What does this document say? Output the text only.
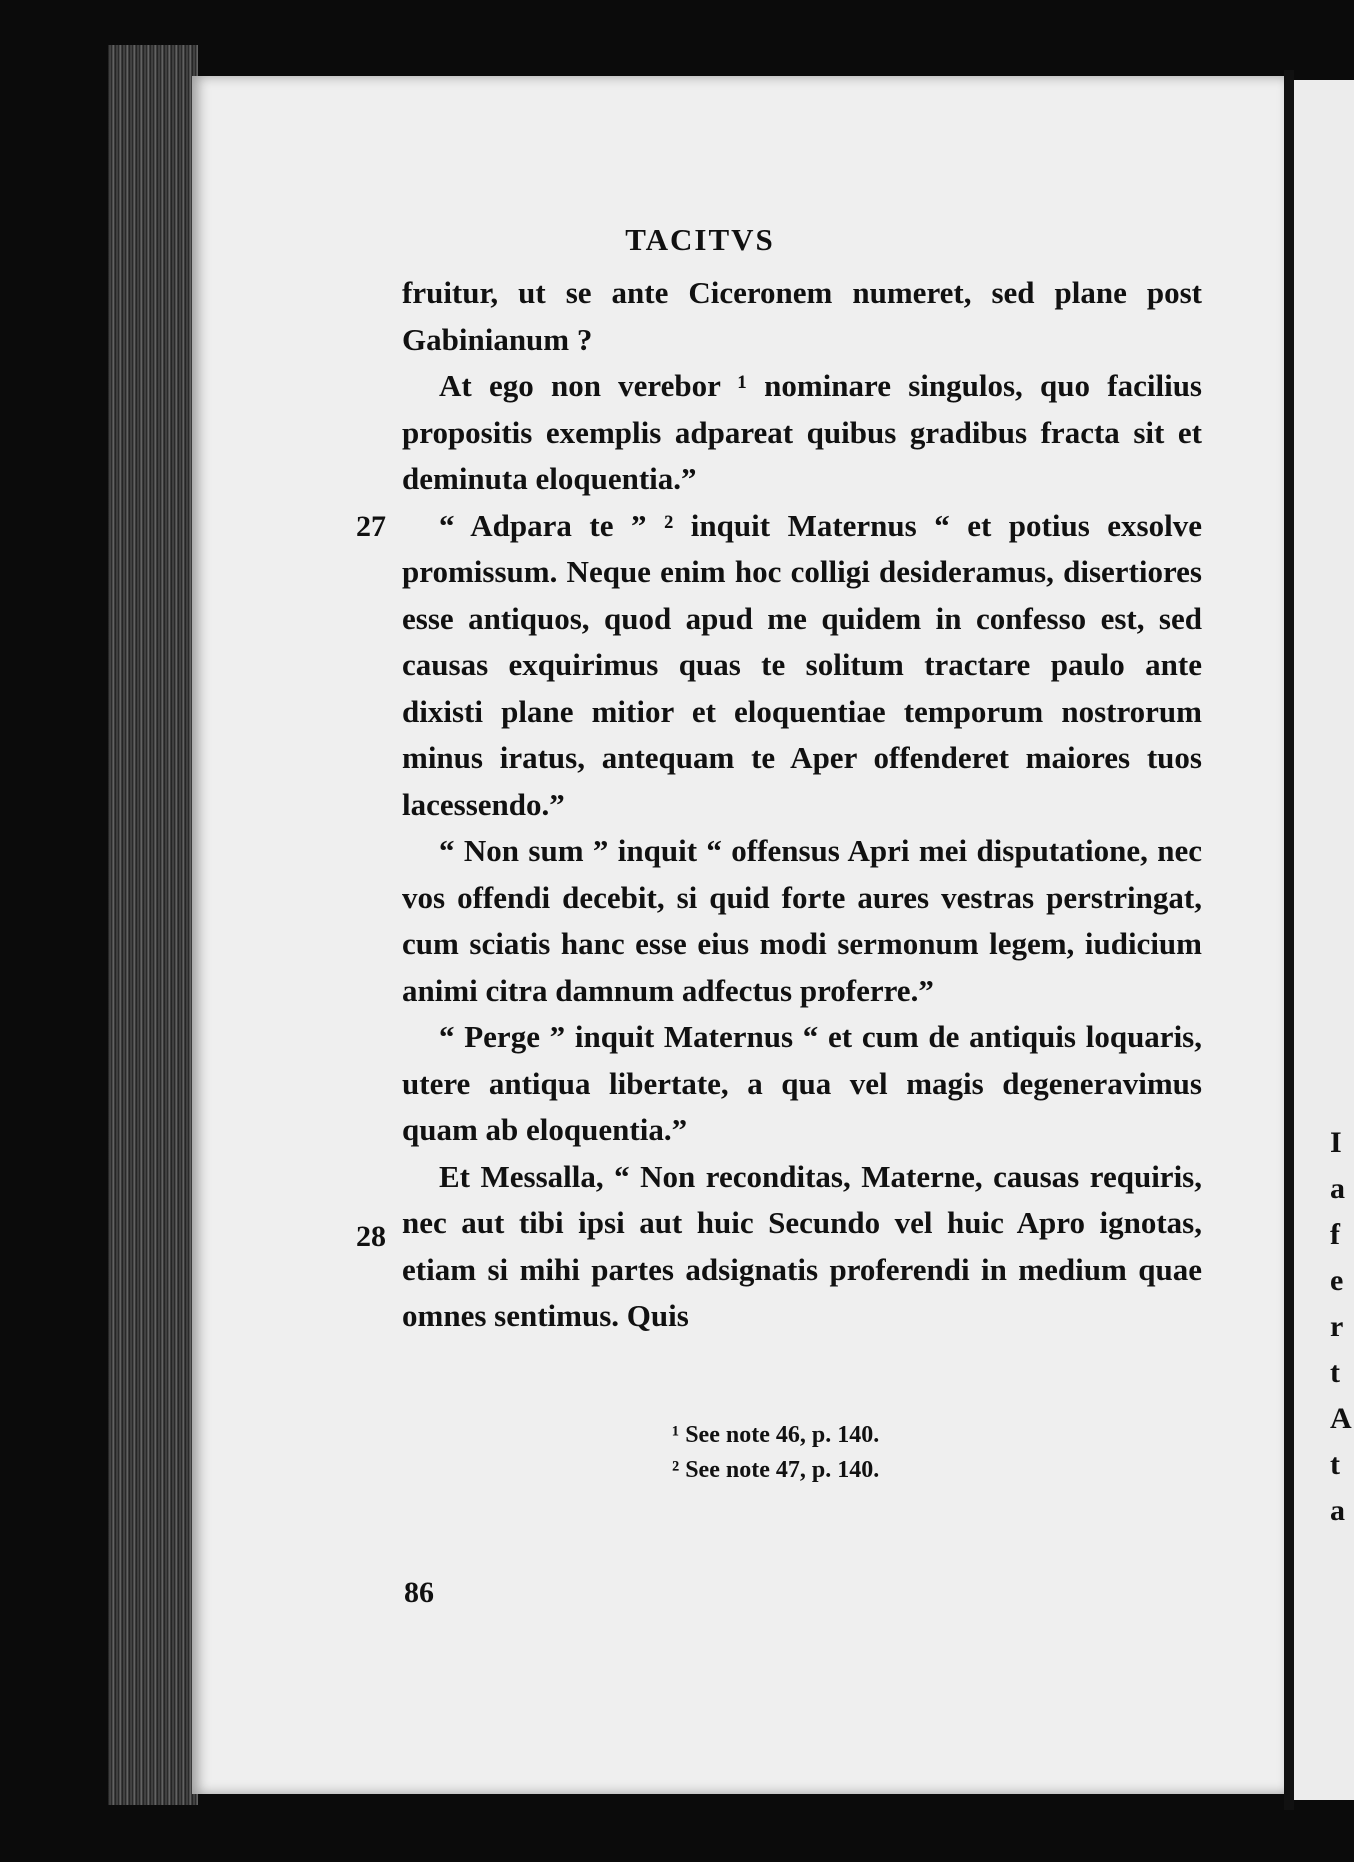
I a f e r t A t a
TACITVS
27
28

fruitur, ut se ante Ciceronem numeret, sed plane post Gabinianum ?

At ego non verebor ¹ nominare singulos, quo facilius propositis exemplis adpareat quibus gradibus fracta sit et deminuta eloquentia.”

“ Adpara te ” ² inquit Maternus “ et potius exsolve promissum. Neque enim hoc colligi desideramus, disertiores esse antiquos, quod apud me quidem in confesso est, sed causas exquirimus quas te solitum tractare paulo ante dixisti plane mitior et eloquentiae temporum nostrorum minus iratus, antequam te Aper offenderet maiores tuos lacessendo.”

“ Non sum ” inquit “ offensus Apri mei disputatione, nec vos offendi decebit, si quid forte aures vestras perstringat, cum sciatis hanc esse eius modi sermonum legem, iudicium animi citra damnum adfectus proferre.”

“ Perge ” inquit Maternus “ et cum de antiquis loquaris, utere antiqua libertate, a qua vel magis degeneravimus quam ab eloquentia.”

Et Messalla, “ Non reconditas, Materne, causas requiris, nec aut tibi ipsi aut huic Secundo vel huic Apro ignotas, etiam si mihi partes adsignatis proferendi in medium quae omnes sentimus. Quis

¹ See note 46, p. 140.
² See note 47, p. 140.
86
